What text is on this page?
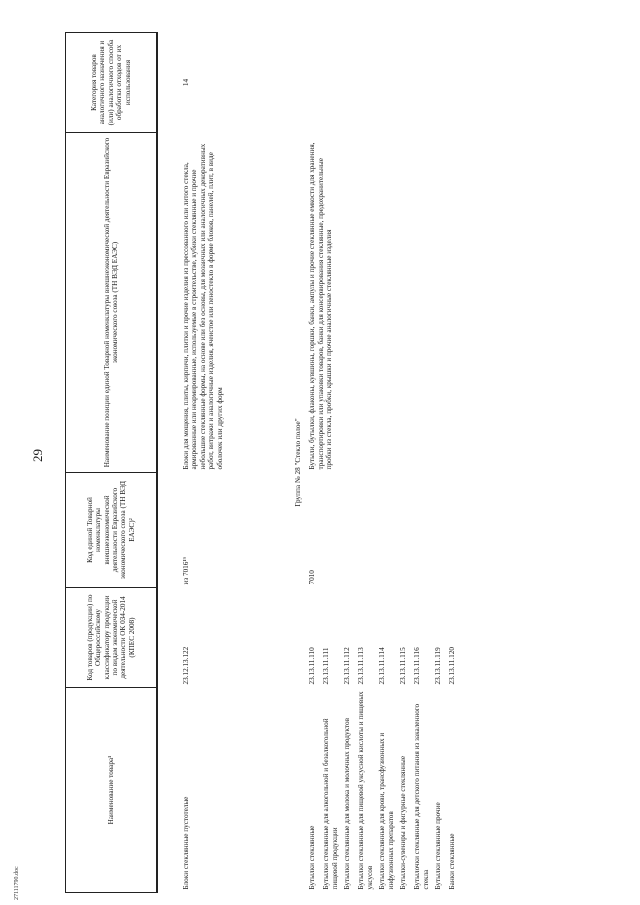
29
27111790.doc
Наименование товара¹	Код товаров (продукции) по Общероссийскому классификатору продукции по видам экономической деятельности ОК 034-2014 (КПЕС 2008)	Код единой Товарной номенклатуры внешнеэкономической деятельности Евразийского экономического союза (ТН ВЭД ЕАЭС)²	Наименование позиции единой Товарной номенклатуры внешнеэкономической деятельности Евразийского экономического союза (ТН ВЭД ЕАЭС)	Категория товаров аналогичного назначения и (или) аналогичного способа обработки отходов от их использования

Блоки стеклянные пустотелые	23.12.13.122	из 7016¹⁹	Блоки для мощения, плиты, кирпичи, плитки и прочие изделия из прессованного или литого стекла, армированные или неармированные, используемые в строительстве, кубики стеклянные и прочие небольшие стеклянные формы, на основе или без основы, для мозаичных или аналогичных декоративных работ, витражи и аналогичные изделия, ячеистое или пеностекло в форме блоков, панелей, плит, в виде оболочек или других форм	14
Группа № 28 "Стекло полое"				
Бутылки стеклянные	23.13.11.110	7010	Бутыли, бутылки, флаконы, кувшины, горшки, банки, ампулы и прочие стеклянные емкости для хранения, транспортировки или упаковки товаров, банки для консервирования стеклянные, предохранительные пробки из стекла, пробки, крышки и прочие аналогичные стеклянные изделия	
Бутылки стеклянные для алкогольной и безалкогольной пищевой продукции	23.13.11.111			
Бутылки стеклянные для молока и молочных продуктов	23.13.11.112			
Бутылки стеклянные для пищевой уксусной кислоты и пищевых уксусов	23.13.11.113			
Бутылки стеклянные для крови, трансфузионных и инфузионных препаратов	23.13.11.114			
Бутылки-сувениры и фигурные стеклянные	23.13.11.115			
Бутылочки стеклянные для детского питания из закаленного стекла	23.13.11.116			
Бутылки стеклянные прочие	23.13.11.119			
Банки стеклянные	23.13.11.120			
